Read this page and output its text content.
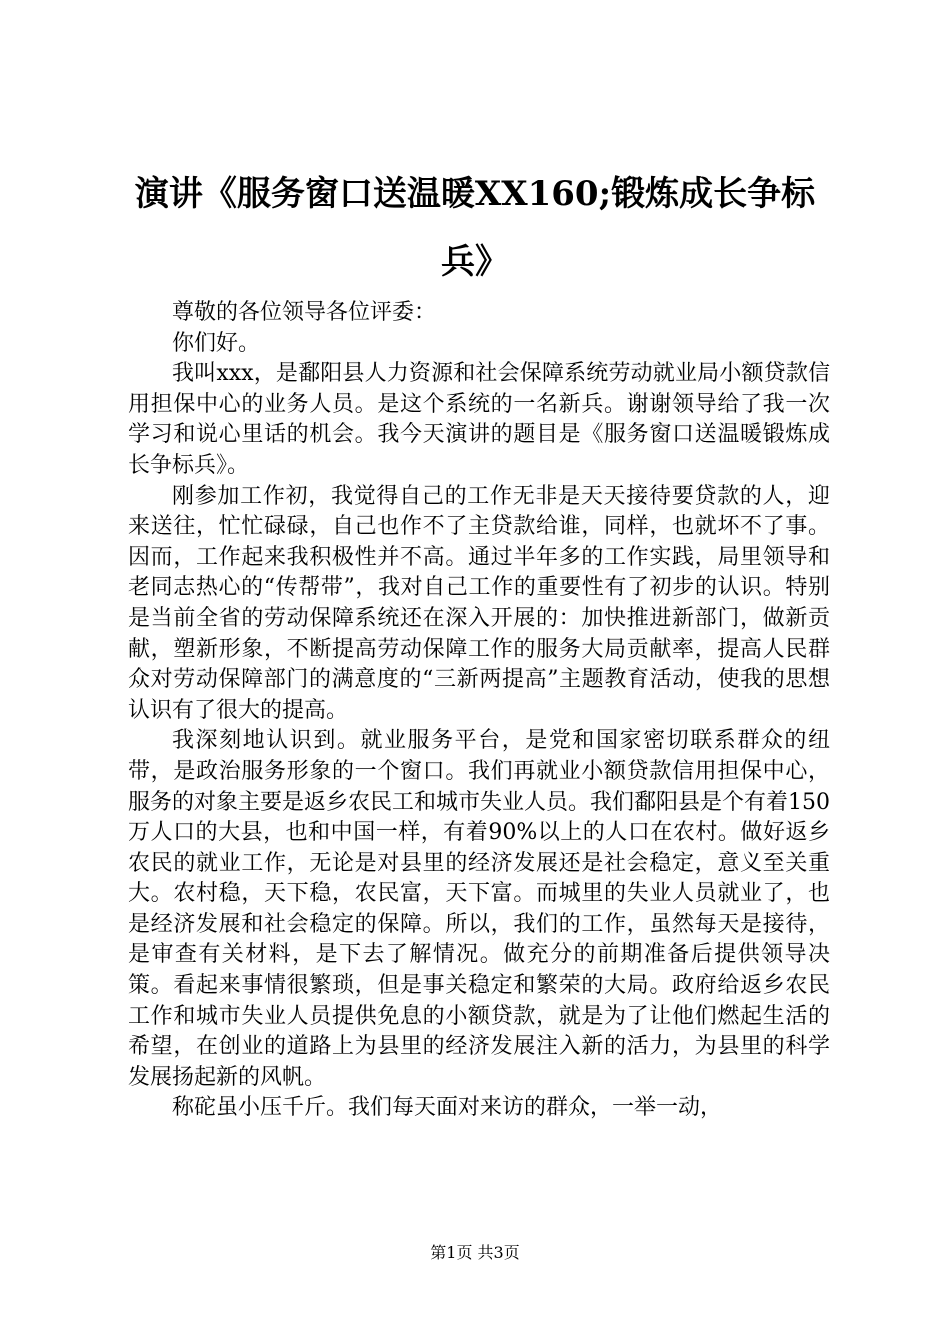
演讲《服务窗口送温暖XX160;锻炼成长争标兵》

尊敬的各位领导各位评委：

你们好。

我叫xxx，是鄱阳县人力资源和社会保障系统劳动就业局小额贷款信用担保中心的业务人员。是这个系统的一名新兵。谢谢领导给了我一次学习和说心里话的机会。我今天演讲的题目是《服务窗口送温暖锻炼成长争标兵》。

刚参加工作初，我觉得自己的工作无非是天天接待要贷款的人，迎来送往，忙忙碌碌，自己也作不了主贷款给谁，同样，也就坏不了事。因而，工作起来我积极性并不高。通过半年多的工作实践，局里领导和老同志热心的“传帮带”，我对自己工作的重要性有了初步的认识。特别是当前全省的劳动保障系统还在深入开展的：加快推进新部门，做新贡献，塑新形象，不断提高劳动保障工作的服务大局贡献率，提高人民群众对劳动保障部门的满意度的“三新两提高”主题教育活动，使我的思想认识有了很大的提高。

我深刻地认识到。就业服务平台，是党和国家密切联系群众的纽带，是政治服务形象的一个窗口。我们再就业小额贷款信用担保中心，服务的对象主要是返乡农民工和城市失业人员。我们鄱阳县是个有着150万人口的大县，也和中国一样，有着90%以上的人口在农村。做好返乡农民的就业工作，无论是对县里的经济发展还是社会稳定，意义至关重大。农村稳，天下稳，农民富，天下富。而城里的失业人员就业了，也是经济发展和社会稳定的保障。所以，我们的工作，虽然每天是接待，是审查有关材料，是下去了解情况。做充分的前期准备后提供领导决策。看起来事情很繁琐，但是事关稳定和繁荣的大局。政府给返乡农民工作和城市失业人员提供免息的小额贷款，就是为了让他们燃起生活的希望，在创业的道路上为县里的经济发展注入新的活力，为县里的科学发展扬起新的风帆。

称砣虽小压千斤。我们每天面对来访的群众，一举一动，

第1页 共3页
